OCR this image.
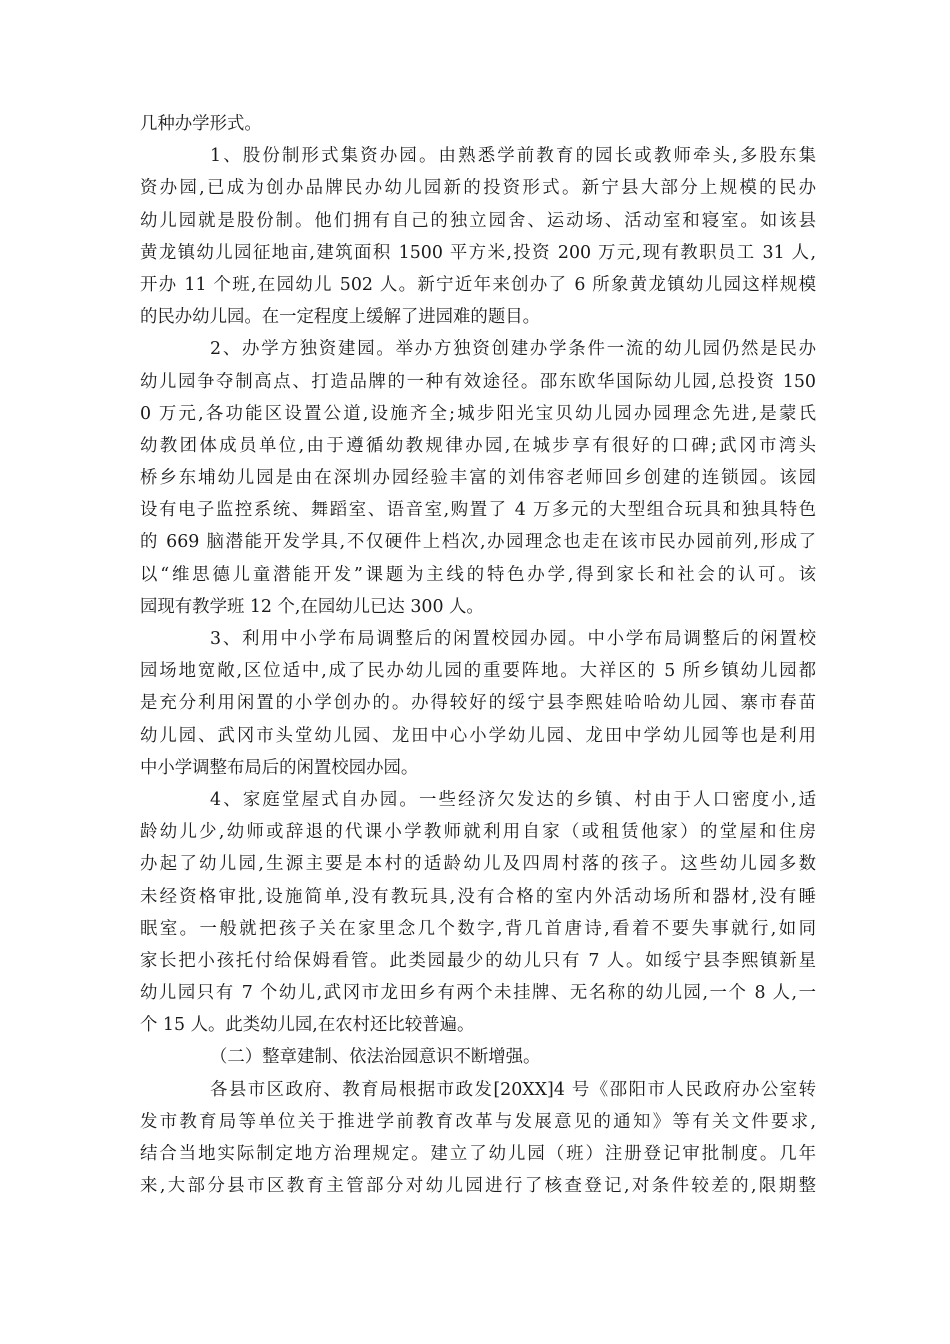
几种办学形式。
1、股份制形式集资办园。由熟悉学前教育的园长或教师牵头,多股东集
资办园,已成为创办品牌民办幼儿园新的投资形式。新宁县大部分上规模的民办
幼儿园就是股份制。他们拥有自己的独立园舍、运动场、活动室和寝室。如该县
黄龙镇幼儿园征地亩,建筑面积 1500 平方米,投资 200 万元,现有教职员工 31 人,
开办 11 个班,在园幼儿 502 人。新宁近年来创办了 6 所象黄龙镇幼儿园这样规模
的民办幼儿园。在一定程度上缓解了进园难的题目。
2、办学方独资建园。举办方独资创建办学条件一流的幼儿园仍然是民办
幼儿园争夺制高点、打造品牌的一种有效途径。邵东欧华国际幼儿园,总投资 150
0 万元,各功能区设置公道,设施齐全;城步阳光宝贝幼儿园办园理念先进,是蒙氏
幼教团体成员单位,由于遵循幼教规律办园,在城步享有很好的口碑;武冈市湾头
桥乡东埔幼儿园是由在深圳办园经验丰富的刘伟容老师回乡创建的连锁园。该园
设有电子监控系统、舞蹈室、语音室,购置了 4 万多元的大型组合玩具和独具特色
的 669 脑潜能开发学具,不仅硬件上档次,办园理念也走在该市民办园前列,形成了
以“维思德儿童潜能开发”课题为主线的特色办学,得到家长和社会的认可。该
园现有教学班 12 个,在园幼儿已达 300 人。
3、利用中小学布局调整后的闲置校园办园。中小学布局调整后的闲置校
园场地宽敞,区位适中,成了民办幼儿园的重要阵地。大祥区的 5 所乡镇幼儿园都
是充分利用闲置的小学创办的。办得较好的绥宁县李熙娃哈哈幼儿园、寨市春苗
幼儿园、武冈市头堂幼儿园、龙田中心小学幼儿园、龙田中学幼儿园等也是利用
中小学调整布局后的闲置校园办园。
4、家庭堂屋式自办园。一些经济欠发达的乡镇、村由于人口密度小,适
龄幼儿少,幼师或辞退的代课小学教师就利用自家（或租赁他家）的堂屋和住房
办起了幼儿园,生源主要是本村的适龄幼儿及四周村落的孩子。这些幼儿园多数
未经资格审批,设施简单,没有教玩具,没有合格的室内外活动场所和器材,没有睡
眠室。一般就把孩子关在家里念几个数字,背几首唐诗,看着不要失事就行,如同
家长把小孩托付给保姆看管。此类园最少的幼儿只有 7 人。如绥宁县李熙镇新星
幼儿园只有 7 个幼儿,武冈市龙田乡有两个未挂牌、无名称的幼儿园,一个 8 人,一
个 15 人。此类幼儿园,在农村还比较普遍。
（二）整章建制、依法治园意识不断增强。
各县市区政府、教育局根据市政发[20XX]4 号《邵阳市人民政府办公室转
发市教育局等单位关于推进学前教育改革与发展意见的通知》等有关文件要求,
结合当地实际制定地方治理规定。建立了幼儿园（班）注册登记审批制度。几年
来,大部分县市区教育主管部分对幼儿园进行了核查登记,对条件较差的,限期整
